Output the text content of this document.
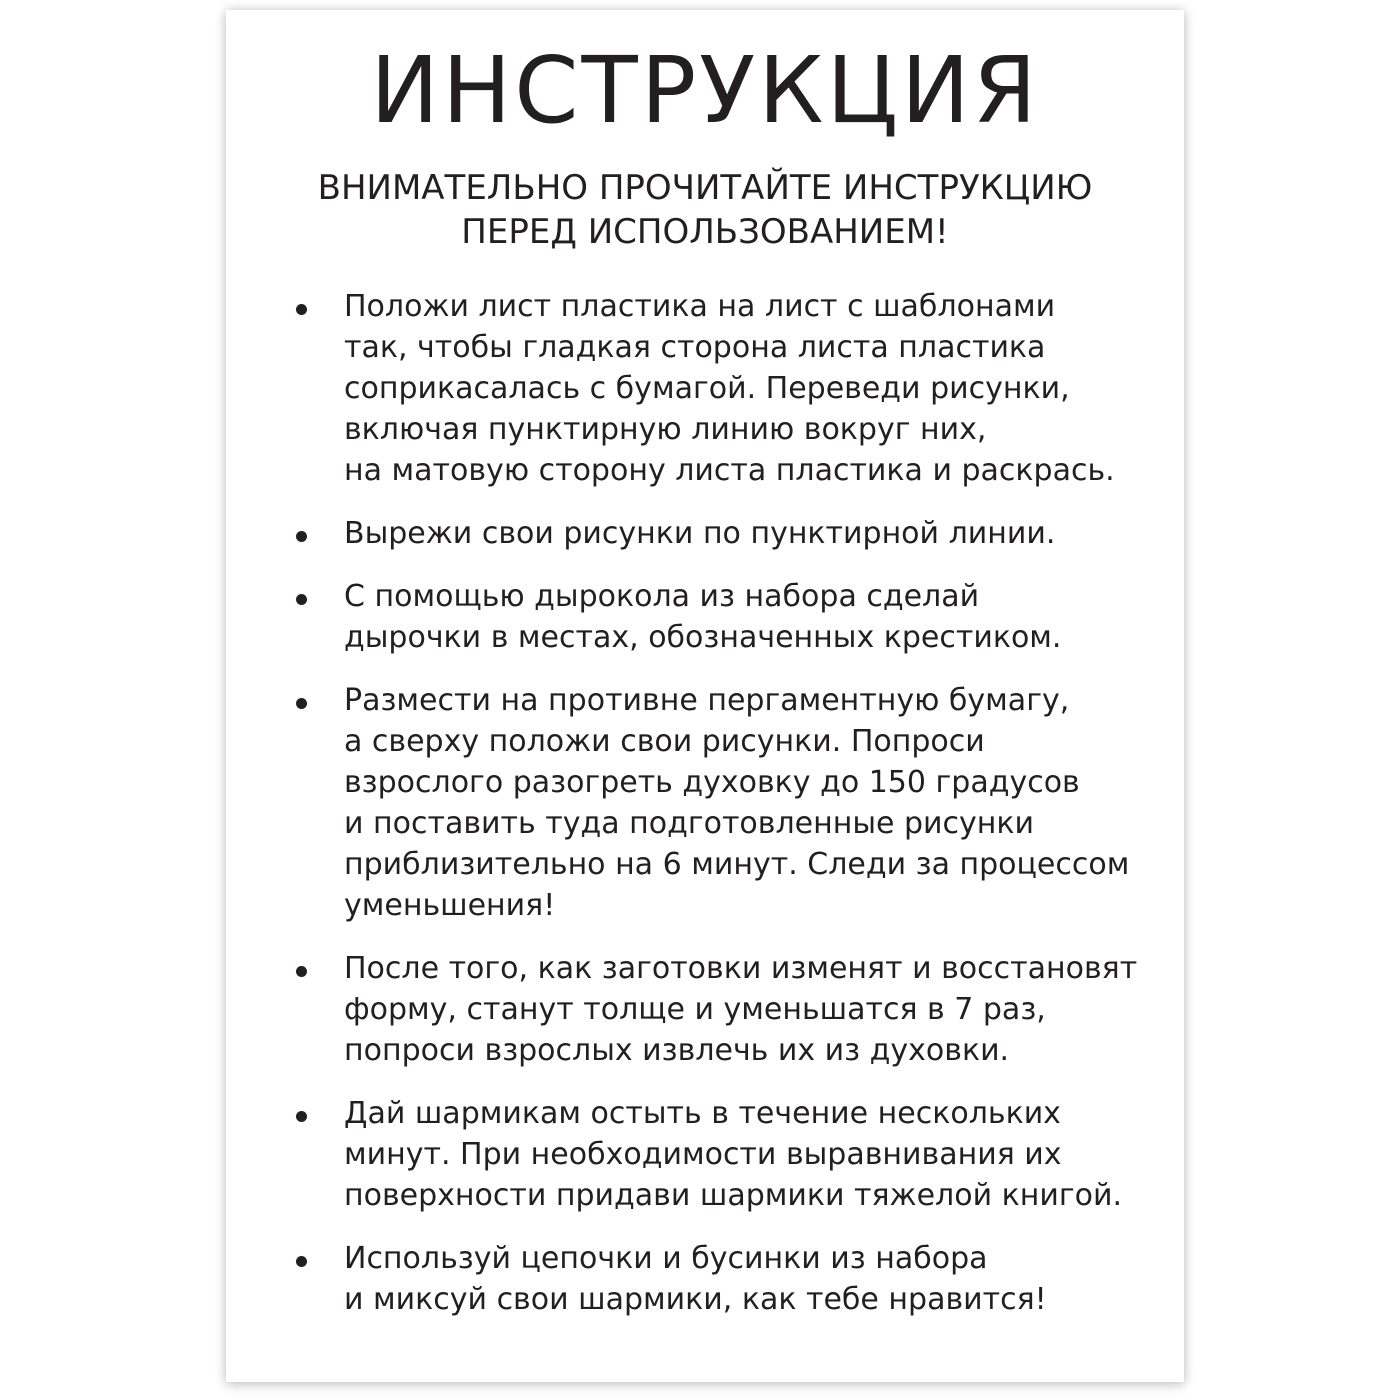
ИНСТРУКЦИЯ
ВНИМАТЕЛЬНО ПРОЧИТАЙТЕ ИНСТРУКЦИЮ
ПЕРЕД ИСПОЛЬЗОВАНИЕМ!
Положи лист пластика на лист с шаблонами
так, чтобы гладкая сторона листа пластика
соприкасалась с бумагой. Переведи рисунки,
включая пунктирную линию вокруг них,
на матовую сторону листа пластика и раскрась.
Вырежи свои рисунки по пунктирной линии.
С помощью дырокола из набора сделай
дырочки в местах, обозначенных крестиком.
Размести на противне пергаментную бумагу,
а сверху положи свои рисунки. Попроси
взрослого разогреть духовку до 150 градусов
и поставить туда подготовленные рисунки
приблизительно на 6 минут. Следи за процессом
уменьшения!
После того, как заготовки изменят и восстановят
форму, станут толще и уменьшатся в 7 раз,
попроси взрослых извлечь их из духовки.
Дай шармикам остыть в течение нескольких
минут. При необходимости выравнивания их
поверхности придави шармики тяжелой книгой.
Используй цепочки и бусинки из набора
и миксуй свои шармики, как тебе нравится!
